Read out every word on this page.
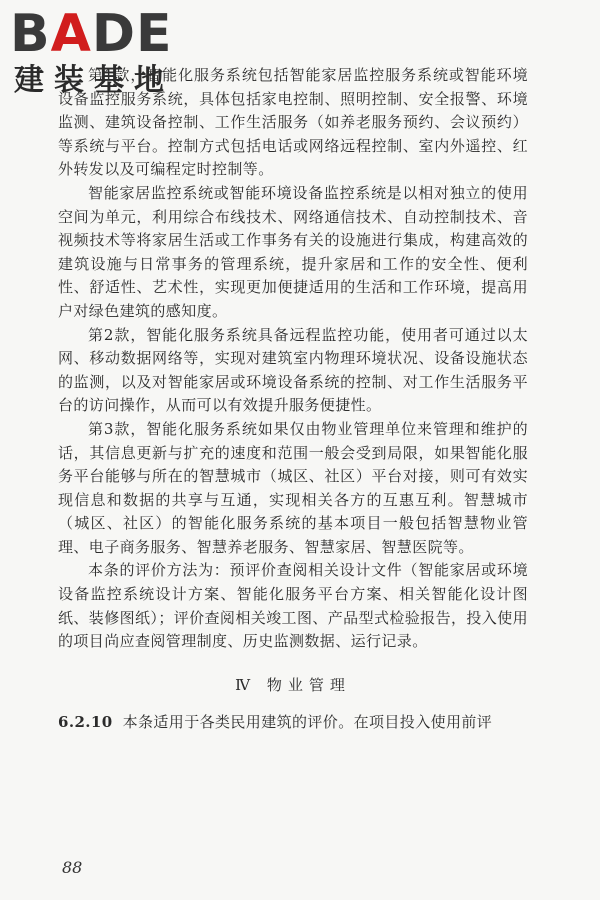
BADE
建装基地

第1款，智能化服务系统包括智能家居监控服务系统或智能环境设备监控服务系统，具体包括家电控制、照明控制、安全报警、环境监测、建筑设备控制、工作生活服务（如养老服务预约、会议预约）等系统与平台。控制方式包括电话或网络远程控制、室内外遥控、红外转发以及可编程定时控制等。

智能家居监控系统或智能环境设备监控系统是以相对独立的使用空间为单元，利用综合布线技术、网络通信技术、自动控制技术、音视频技术等将家居生活或工作事务有关的设施进行集成，构建高效的建筑设施与日常事务的管理系统，提升家居和工作的安全性、便利性、舒适性、艺术性，实现更加便捷适用的生活和工作环境，提高用户对绿色建筑的感知度。

第2款，智能化服务系统具备远程监控功能，使用者可通过以太网、移动数据网络等，实现对建筑室内物理环境状况、设备设施状态的监测，以及对智能家居或环境设备系统的控制、对工作生活服务平台的访问操作，从而可以有效提升服务便捷性。

第3款，智能化服务系统如果仅由物业管理单位来管理和维护的话，其信息更新与扩充的速度和范围一般会受到局限，如果智能化服务平台能够与所在的智慧城市（城区、社区）平台对接，则可有效实现信息和数据的共享与互通，实现相关各方的互惠互利。智慧城市（城区、社区）的智能化服务系统的基本项目一般包括智慧物业管理、电子商务服务、智慧养老服务、智慧家居、智慧医院等。

本条的评价方法为：预评价查阅相关设计文件（智能家居或环境设备监控系统设计方案、智能化服务平台方案、相关智能化设计图纸、装修图纸）；评价查阅相关竣工图、产品型式检验报告，投入使用的项目尚应查阅管理制度、历史监测数据、运行记录。

Ⅳ 物业管理

6.2.10 本条适用于各类民用建筑的评价。在项目投入使用前评

88
